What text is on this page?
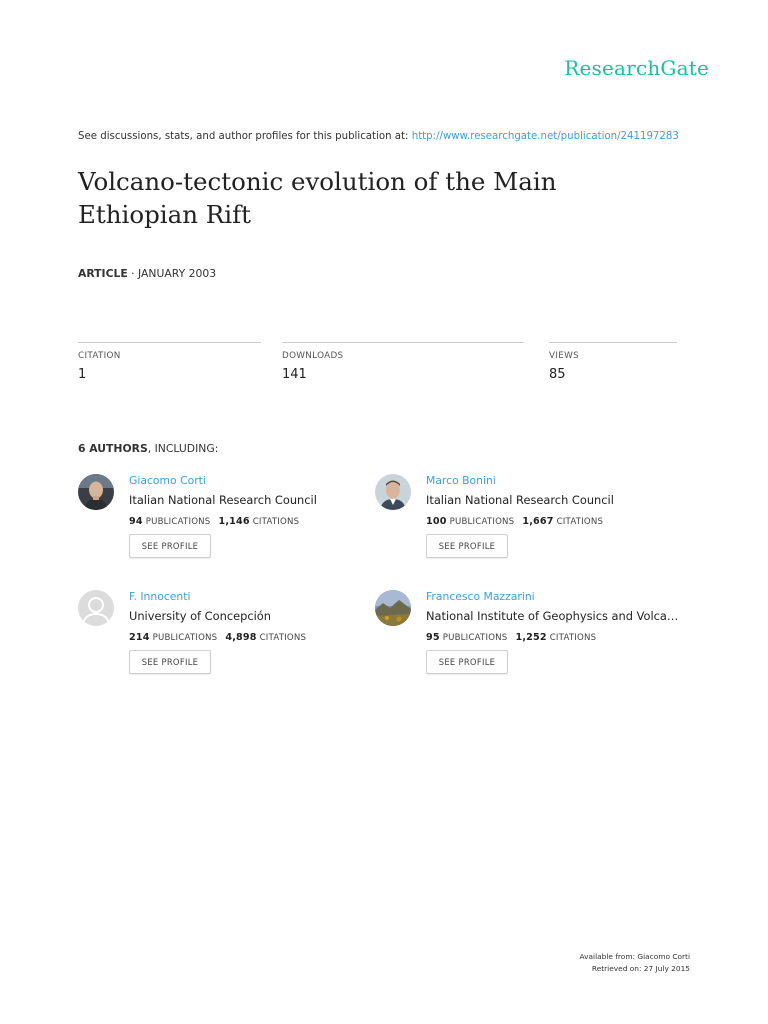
ResearchGate
See discussions, stats, and author profiles for this publication at: http://www.researchgate.net/publication/241197283
Volcano-tectonic evolution of the Main Ethiopian Rift
ARTICLE · JANUARY 2003
CITATION
1
DOWNLOADS
141
VIEWS
85
6 AUTHORS, INCLUDING:
Giacomo Corti
Italian National Research Council
94 PUBLICATIONS 1,146 CITATIONS
SEE PROFILE
Marco Bonini
Italian National Research Council
100 PUBLICATIONS 1,667 CITATIONS
SEE PROFILE
F. Innocenti
University of Concepción
214 PUBLICATIONS 4,898 CITATIONS
SEE PROFILE
Francesco Mazzarini
National Institute of Geophysics and Volca…
95 PUBLICATIONS 1,252 CITATIONS
SEE PROFILE
Available from: Giacomo Corti
Retrieved on: 27 July 2015
